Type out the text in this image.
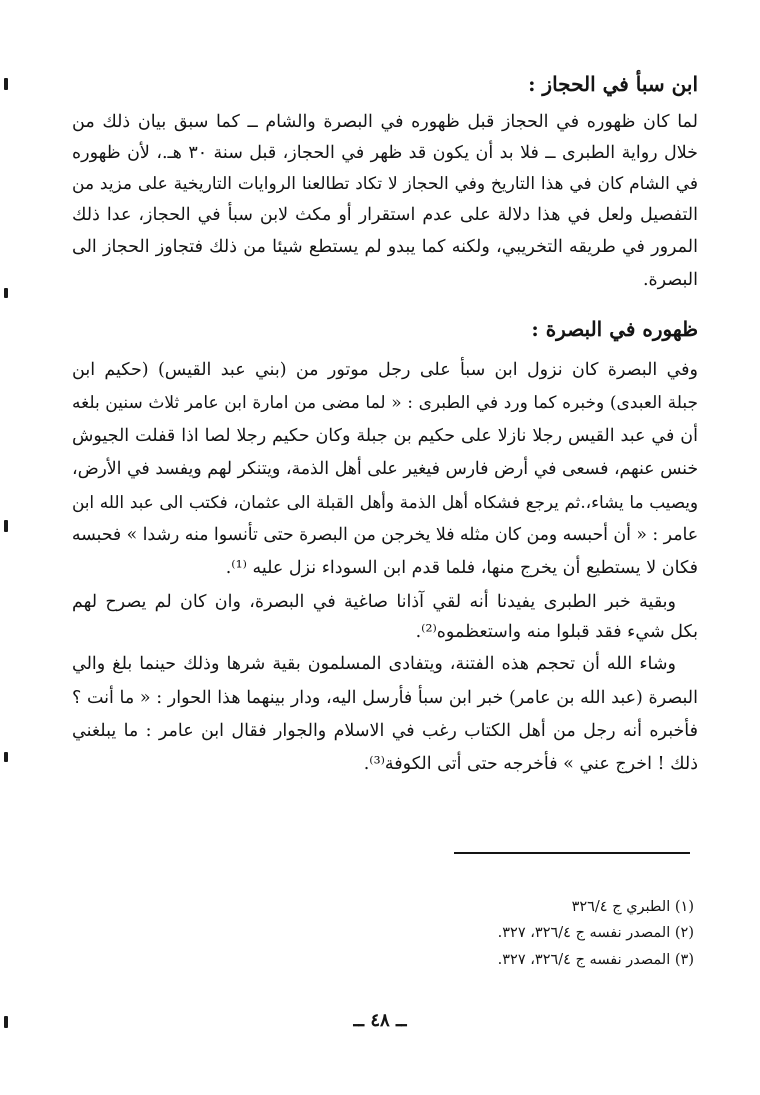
ابن سبأ في الحجاز :
لما كان ظهوره في الحجاز قبل ظهوره في البصرة والشام ــ كما سبق بيان ذلك من
خلال رواية الطبرى ــ فلا بد أن يكون قد ظهر في الحجاز، قبل سنة ٣٠ هـ.، لأن ظهوره
في الشام كان في هذا التاريخ وفي الحجاز لا تكاد تطالعنا الروايات التاريخية على مزيد من
التفصيل ولعل في هذا دلالة على عدم استقرار أو مكث لابن سبأ في الحجاز، عدا ذلك
المرور في طريقه التخريبي، ولكنه كما يبدو لم يستطع شيئا من ذلك فتجاوز الحجاز الى
البصرة.
ظهوره في البصرة :
وفي البصرة كان نزول ابن سبأ على رجل موتور من (بني عبد القيس) (حكيم ابن
جبلة العبدى) وخبره كما ورد في الطبرى : « لما مضى من امارة ابن عامر ثلاث سنين بلغه
أن في عبد القيس رجلا نازلا على حكيم بن جبلة وكان حكيم رجلا لصا اذا قفلت الجيوش
خنس عنهم، فسعى في أرض فارس فيغير على أهل الذمة، ويتنكر لهم ويفسد في الأرض،
ويصيب ما يشاء،.ثم يرجع فشكاه أهل الذمة وأهل القبلة الى عثمان، فكتب الى عبد الله ابن
عامر : « أن أحبسه ومن كان مثله فلا يخرجن من البصرة حتى تأنسوا منه رشدا » فحبسه
فكان لا يستطيع أن يخرج منها، فلما قدم ابن السوداء نزل عليه ⁽¹⁾.
وبقية خبر الطبرى يفيدنا أنه لقي آذانا صاغية في البصرة، وان كان لم يصرح لهم
بكل شيء فقد قبلوا منه واستعظموه⁽²⁾.
وشاء الله أن تحجم هذه الفتنة، ويتفادى المسلمون بقية شرها وذلك حينما بلغ والي
البصرة (عبد الله بن عامر) خبر ابن سبأ فأرسل اليه، ودار بينهما هذا الحوار : « ما أنت ؟
فأخبره أنه رجل من أهل الكتاب رغب في الاسلام والجوار فقال ابن عامر : ما يبلغني
ذلك ! اخرج عني » فأخرجه حتى أتى الكوفة⁽³⁾.
(١) الطبري ج ٣٢٦/٤
(٢) المصدر نفسه ج ٣٢٦/٤، ٣٢٧.
(٣) المصدر نفسه ج ٣٢٦/٤، ٣٢٧.
ــ ٤٨ ــ
